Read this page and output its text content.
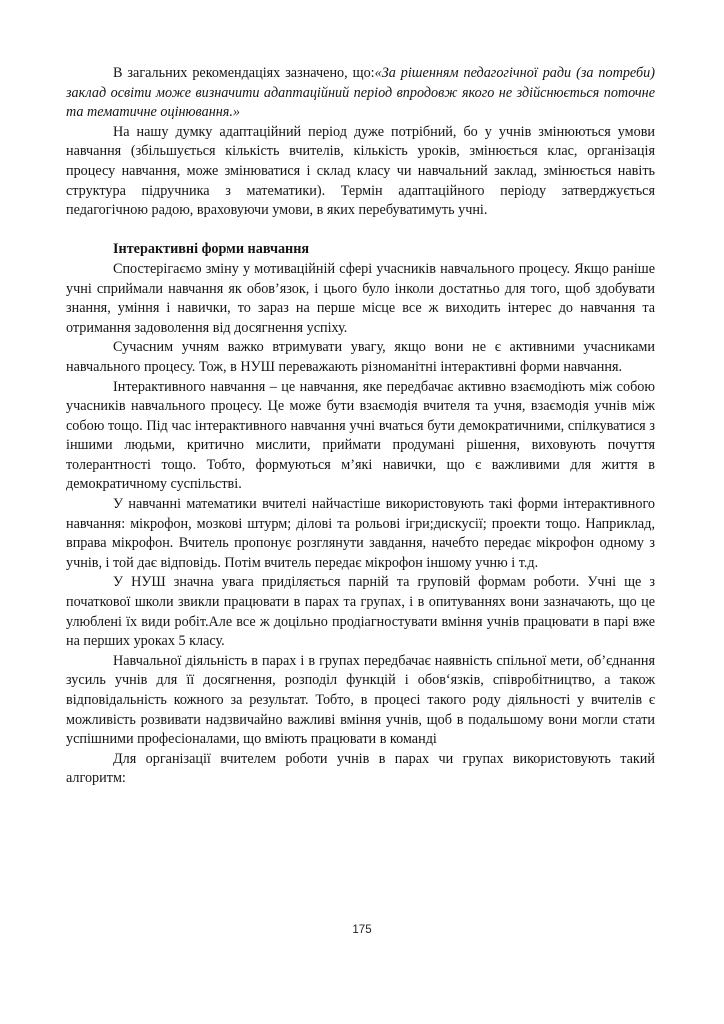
В загальних рекомендаціях зазначено, що:«За рішенням педагогічної ради (за потреби) заклад освіти може визначити адаптаційний період впродовж якого не здійснюється поточне та тематичне оцінювання.»

На нашу думку адаптаційний період дуже потрібний, бо у учнів змінюються умови навчання (збільшується кількість вчителів, кількість уроків, змінюється клас, організація процесу навчання, може змінюватися і склад класу чи навчальний заклад, змінюється навіть структура підручника з математики). Термін адаптаційного періоду затверджується педагогічною радою, враховуючи умови, в яких перебуватимуть учні.

Інтерактивні форми навчання

Спостерігаємо зміну у мотиваційній сфері учасників навчального процесу. Якщо раніше учні сприймали навчання як обов’язок, і цього було інколи достатньо для того, щоб здобувати знання, уміння і навички, то зараз на перше місце все ж виходить інтерес до навчання та отримання задоволення від досягнення успіху.

Сучасним учням важко втримувати увагу, якщо вони не є активними учасниками навчального процесу. Тож, в НУШ переважають різноманітні інтерактивні форми навчання.

Інтерактивного навчання – це навчання, яке передбачає активно взаємодіють між собою учасників навчального процесу. Це може бути взаємодія вчителя та учня, взаємодія учнів між собою тощо. Під час інтерактивного навчання учні вчаться бути демократичними, спілкуватися з іншими людьми, критично мислити, приймати продумані рішення, виховують почуття толерантності тощо. Тобто, формуються м’які навички, що є важливими для життя в демократичному суспільстві.

У навчанні математики вчителі найчастіше використовують такі форми інтерактивного навчання: мікрофон, мозкові штурм; ділові та рольові ігри;дискусії; проекти тощо. Наприклад, вправа мікрофон. Вчитель пропонує розглянути завдання, начебто передає мікрофон одному з учнів, і той дає відповідь. Потім вчитель передає мікрофон іншому учню і т.д.

У НУШ значна увага приділяється парній та груповій формам роботи. Учні ще з початкової школи звикли працювати в парах та групах, і в опитуваннях вони зазначають, що це улюблені їх види робіт.Але все ж доцільно продіагностувати вміння учнів працювати в парі вже на перших уроках 5 класу.

Навчальної діяльність в парах і в групах передбачає наявність спільної мети, об’єднання зусиль учнів для її досягнення, розподіл функцій і обов‘язків, співробітництво, а також відповідальність кожного за результат. Тобто, в процесі такого роду діяльності у вчителів є можливість розвивати надзвичайно важливі вміння учнів, щоб в подальшому вони могли стати успішними професіоналами, що вміють працювати в команді

Для організації вчителем роботи учнів в парах чи групах використовують такий алгоритм:

175
